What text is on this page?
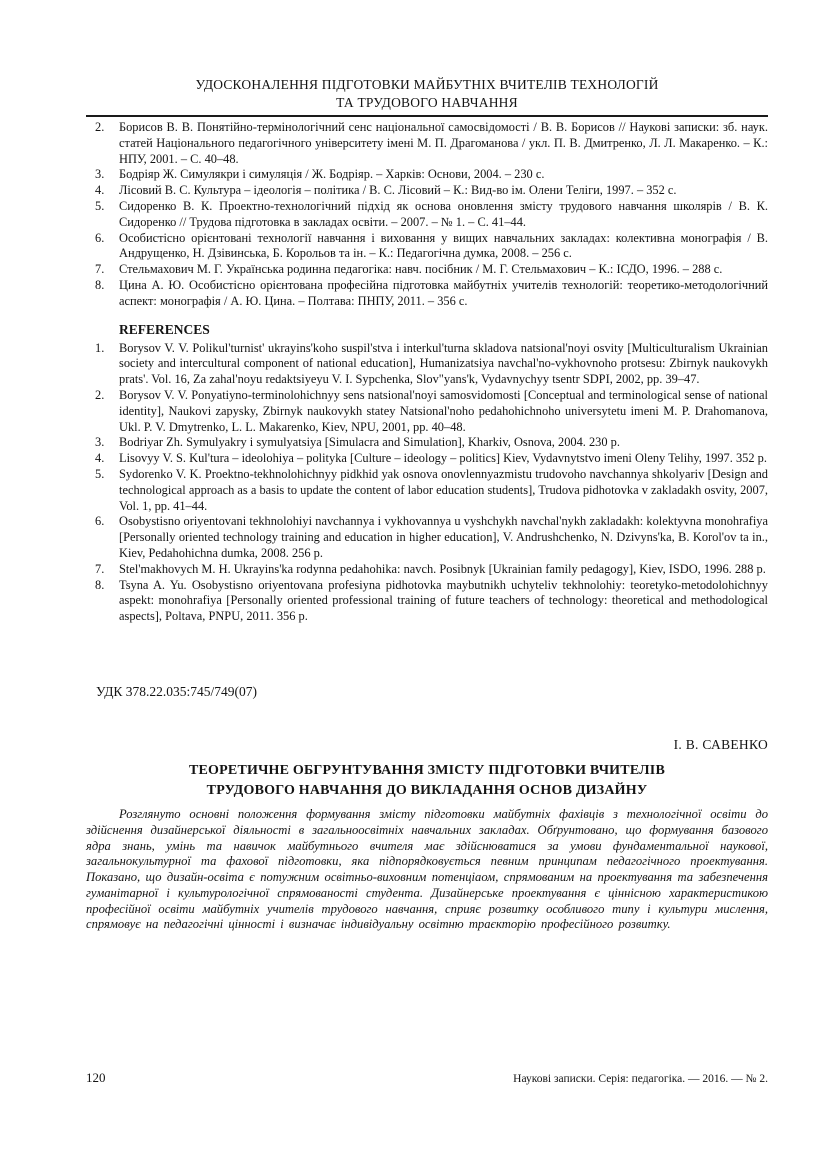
УДОСКОНАЛЕННЯ ПІДГОТОВКИ МАЙБУТНІХ ВЧИТЕЛІВ ТЕХНОЛОГІЙ
ТА ТРУДОВОГО НАВЧАННЯ
2. Борисов В. В. Понятійно-термінологічний сенс національної самосвідомості / В. В. Борисов // Наукові записки: зб. наук. статей Національного педагогічного університету імені М. П. Драгоманова / укл. П. В. Дмитренко, Л. Л. Макаренко. – К.: НПУ, 2001. – С. 40–48.
3. Бодріяр Ж. Симулякри і симуляція / Ж. Бодріяр. – Харків: Основи, 2004. – 230 с.
4. Лісовий В. С. Культура – ідеологія – політика / В. С. Лісовий – К.: Вид-во ім. Олени Теліги, 1997. – 352 с.
5. Сидоренко В. К. Проектно-технологічний підхід як основа оновлення змісту трудового навчання школярів / В. К. Сидоренко // Трудова підготовка в закладах освіти. – 2007. – № 1. – С. 41–44.
6. Особистісно орієнтовані технології навчання і виховання у вищих навчальних закладах: колективна монографія / В. Андрущенко, Н. Дзівинська, Б. Корольов та ін. – К.: Педагогічна думка, 2008. – 256 с.
7. Стельмахович М. Г. Українська родинна педагогіка: навч. посібник / М. Г. Стельмахович – К.: ІСДО, 1996. – 288 с.
8. Цина А. Ю. Особистісно орієнтована професійна підготовка майбутніх учителів технологій: теоретико-методологічний аспект: монографія / А. Ю. Цина. – Полтава: ПНПУ, 2011. – 356 с.
REFERENCES
1. Borysov V. V. Polikul'turnist' ukrayins'koho suspil'stva i interkul'turna skladova natsional'noyi osvity [Multiculturalism Ukrainian society and intercultural component of national education], Humanizatsiya navchal'no-vykhovnoho protsesu: Zbirnyk naukovykh prats'. Vol. 16, Za zahal'noyu redaktsiyeyu V. I. Sypchenka, Slov"yans'k, Vydavnychyy tsentr SDPI, 2002, pp. 39–47.
2. Borysov V. V. Ponyatiyno-terminolohichnyy sens natsional'noyi samosvidomosti [Conceptual and terminological sense of national identity], Naukovi zapysky, Zbirnyk naukovykh statey Natsional'noho pedahohichnoho universytetu imeni M. P. Drahomanova, Ukl. P. V. Dmytrenko, L. L. Makarenko, Kiev, NPU, 2001, pp. 40–48.
3. Bodriyar Zh. Symulyakry i symulyatsiya [Simulacra and Simulation], Kharkiv, Osnova, 2004. 230 p.
4. Lisovyy V. S. Kul'tura – ideolohiya – polityka [Culture – ideology – politics] Kiev, Vydavnytstvo imeni Oleny Telihy, 1997. 352 p.
5. Sydorenko V. K. Proektno-tekhnolohichnyy pidkhid yak osnova onovlennyazmistu trudovoho navchannya shkolyariv [Design and technological approach as a basis to update the content of labor education students], Trudova pidhotovka v zakladakh osvity, 2007, Vol. 1, pp. 41–44.
6. Osobystisno oriyentovani tekhnolohiyi navchannya i vykhovannya u vyshchykh navchal'nykh zakladakh: kolektyvna monohrafiya [Personally oriented technology training and education in higher education], V. Andrushchenko, N. Dzivyns'ka, B. Korol'ov ta in., Kiev, Pedahohichna dumka, 2008. 256 p.
7. Stel'makhovych M. H. Ukrayins'ka rodynna pedahohika: navch. Posibnyk [Ukrainian family pedagogy], Kiev, ISDO, 1996. 288 p.
8. Tsyna A. Yu. Osobystisno oriyentovana profesiyna pidhotovka maybutnikh uchyteliv tekhnolohiy: teoretyko-metodolohichnyy aspekt: monohrafiya [Personally oriented professional training of future teachers of technology: theoretical and methodological aspects], Poltava, PNPU, 2011. 356 p.
УДК 378.22.035:745/749(07)
І. В. САВЕНКО
ТЕОРЕТИЧНЕ ОБГРУНТУВАННЯ ЗМІСТУ ПІДГОТОВКИ ВЧИТЕЛІВ
ТРУДОВОГО НАВЧАННЯ ДО ВИКЛАДАННЯ ОСНОВ ДИЗАЙНУ
Розглянуто основні положення формування змісту підготовки майбутніх фахівців з технологічної освіти до здійснення дизайнерської діяльності в загальноосвітніх навчальних закладах. Обґрунтовано, що формування базового ядра знань, умінь та навичок майбутнього вчителя має здійснюватися за умови фундаментальної наукової, загальнокультурної та фахової підготовки, яка підпорядковується певним принципам педагогічного проектування. Показано, що дизайн-освіта є потужним освітньо-виховним потенціаом, спрямованим на проектування та забезпечення гуманітарної і культурологічної спрямованості студента. Дизайнерське проектування є ціннісною характеристикою професійної освіти майбутніх учителів трудового навчання, сприяє розвитку особливого типу і культури мислення, спрямовує на педагогічні цінності і визначає індивідуальну освітню траєкторію професійного розвитку.
120	Наукові записки. Серія: педагогіка. — 2016. — № 2.
